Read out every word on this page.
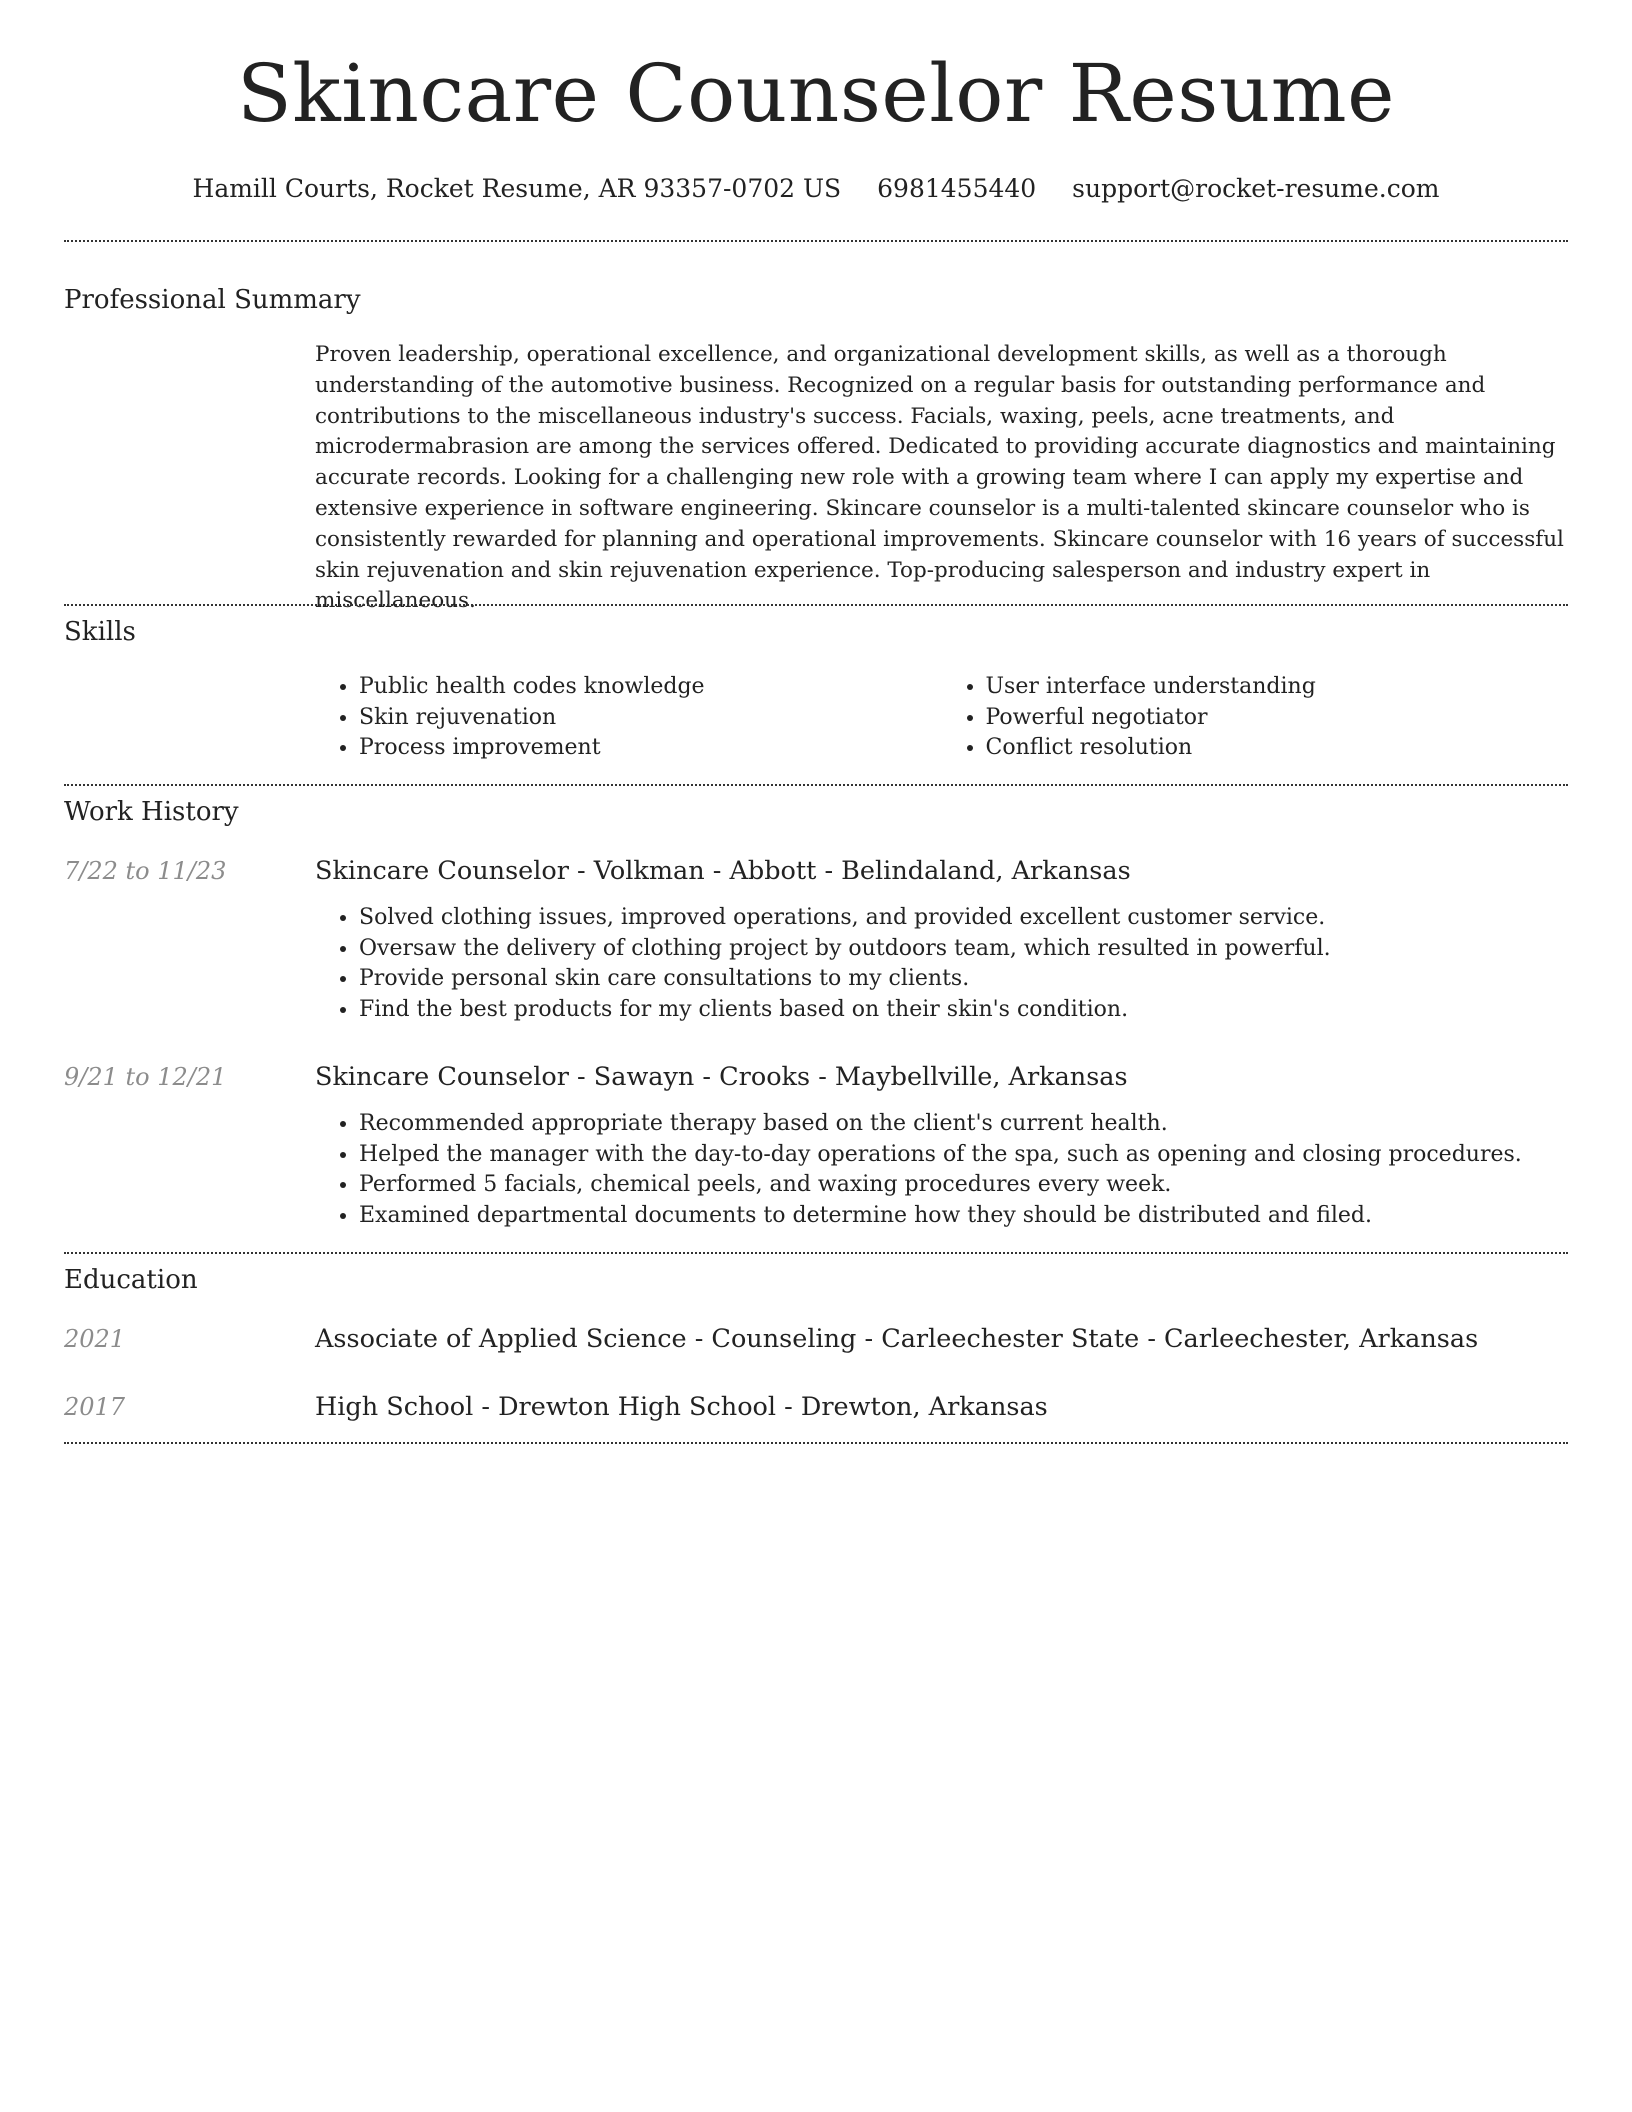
Skincare Counselor Resume
Hamill Courts, Rocket Resume, AR 93357-0702 US 6981455440 support@rocket-resume.com
Professional Summary

Proven leadership, operational excellence, and organizational development skills, as well as a thorough understanding of the automotive business. Recognized on a regular basis for outstanding performance and contributions to the miscellaneous industry's success. Facials, waxing, peels, acne treatments, and microdermabrasion are among the services offered. Dedicated to providing accurate diagnostics and maintaining accurate records. Looking for a challenging new role with a growing team where I can apply my expertise and extensive experience in software engineering. Skincare counselor is a multi-talented skincare counselor who is consistently rewarded for planning and operational improvements. Skincare counselor with 16 years of successful skin rejuvenation and skin rejuvenation experience. Top-producing salesperson and industry expert in miscellaneous.

Skills
• Public health codes knowledge
• Skin rejuvenation
• Process improvement
• User interface understanding
• Powerful negotiator
• Conflict resolution
Work History
7/22 to 11/23	Skincare Counselor - Volkman - Abbott - Belindaland, Arkansas

• Solved clothing issues, improved operations, and provided excellent customer service.
• Oversaw the delivery of clothing project by outdoors team, which resulted in powerful.
• Provide personal skin care consultations to my clients.
• Find the best products for my clients based on their skin's condition.
9/21 to 12/21	Skincare Counselor - Sawayn - Crooks - Maybellville, Arkansas

• Recommended appropriate therapy based on the client's current health.
• Helped the manager with the day-to-day operations of the spa, such as opening and closing procedures.
• Performed 5 facials, chemical peels, and waxing procedures every week.
• Examined departmental documents to determine how they should be distributed and filed.
Education
2021	Associate of Applied Science - Counseling - Carleechester State - Carleechester, Arkansas

2017	High School - Drewton High School - Drewton, Arkansas
